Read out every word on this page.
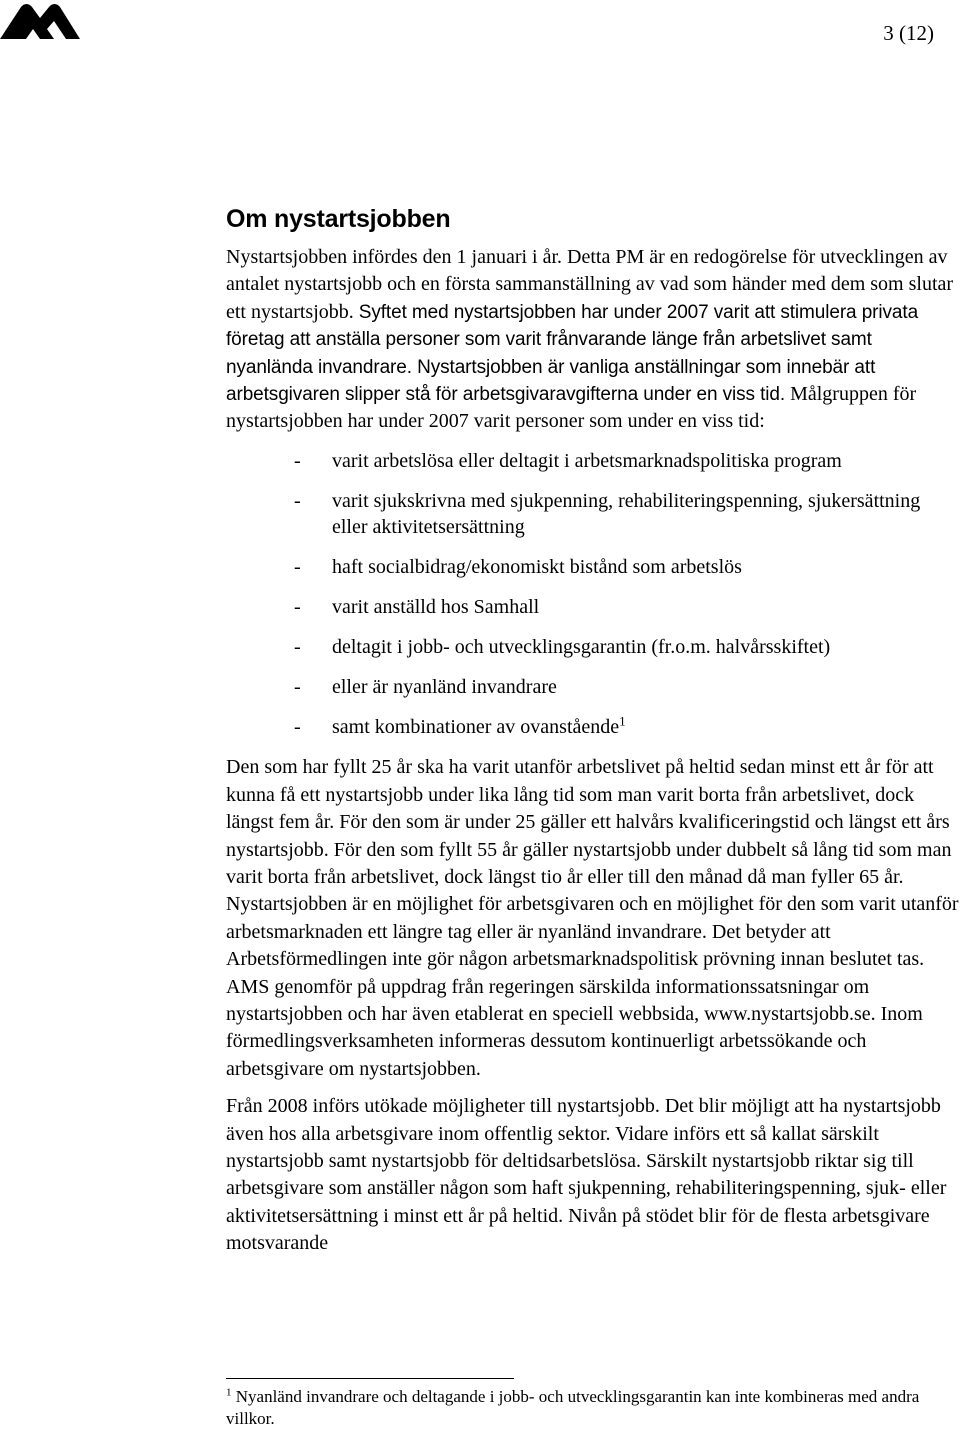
3 (12)
Om nystartsjobben

Nystartsjobben infördes den 1 januari i år. Detta PM är en redogörelse för utvecklingen av antalet nystartsjobb och en första sammanställning av vad som händer med dem som slutar ett nystartsjobb. Syftet med nystartsjobben har under 2007 varit att stimulera privata företag att anställa personer som varit frånvarande länge från arbetslivet samt nyanlända invandrare. Nystartsjobben är vanliga anställningar som innebär att arbetsgivaren slipper stå för arbetsgivaravgifterna under en viss tid. Målgruppen för nystartsjobben har under 2007 varit personer som under en viss tid:

- varit arbetslösa eller deltagit i arbetsmarknadspolitiska program
- varit sjukskrivna med sjukpenning, rehabiliteringspenning, sjukersättning eller aktivitetsersättning
- haft socialbidrag/ekonomiskt bistånd som arbetslös
- varit anställd hos Samhall
- deltagit i jobb- och utvecklingsgarantin (fr.o.m. halvårsskiftet)
- eller är nyanländ invandrare
- samt kombinationer av ovanstående$^1$

Den som har fyllt 25 år ska ha varit utanför arbetslivet på heltid sedan minst ett år för att kunna få ett nystartsjobb under lika lång tid som man varit borta från arbetslivet, dock längst fem år. För den som är under 25 gäller ett halvårs kvalificeringstid och längst ett års nystartsjobb. För den som fyllt 55 år gäller nystartsjobb under dubbelt så lång tid som man varit borta från arbetslivet, dock längst tio år eller till den månad då man fyller 65 år. Nystartsjobben är en möjlighet för arbetsgivaren och en möjlighet för den som varit utanför arbetsmarknaden ett längre tag eller är nyanländ invandrare. Det betyder att Arbetsförmedlingen inte gör någon arbetsmarknadspolitisk prövning innan beslutet tas. AMS genomför på uppdrag från regeringen särskilda informationssatsningar om nystartsjobben och har även etablerat en speciell webbsida, www.nystartsjobb.se. Inom förmedlingsverksamheten informeras dessutom kontinuerligt arbetssökande och arbetsgivare om nystartsjobben.

Från 2008 införs utökade möjligheter till nystartsjobb. Det blir möjligt att ha nystartsjobb även hos alla arbetsgivare inom offentlig sektor. Vidare införs ett så kallat särskilt nystartsjobb samt nystartsjobb för deltidsarbetslösa. Särskilt nystartsjobb riktar sig till arbetsgivare som anställer någon som haft sjukpenning, rehabiliteringspenning, sjuk- eller aktivitetsersättning i minst ett år på heltid. Nivån på stödet blir för de flesta arbetsgivare motsvarande

$^1$ Nyanländ invandrare och deltagande i jobb- och utvecklingsgarantin kan inte kombineras med andra villkor.
